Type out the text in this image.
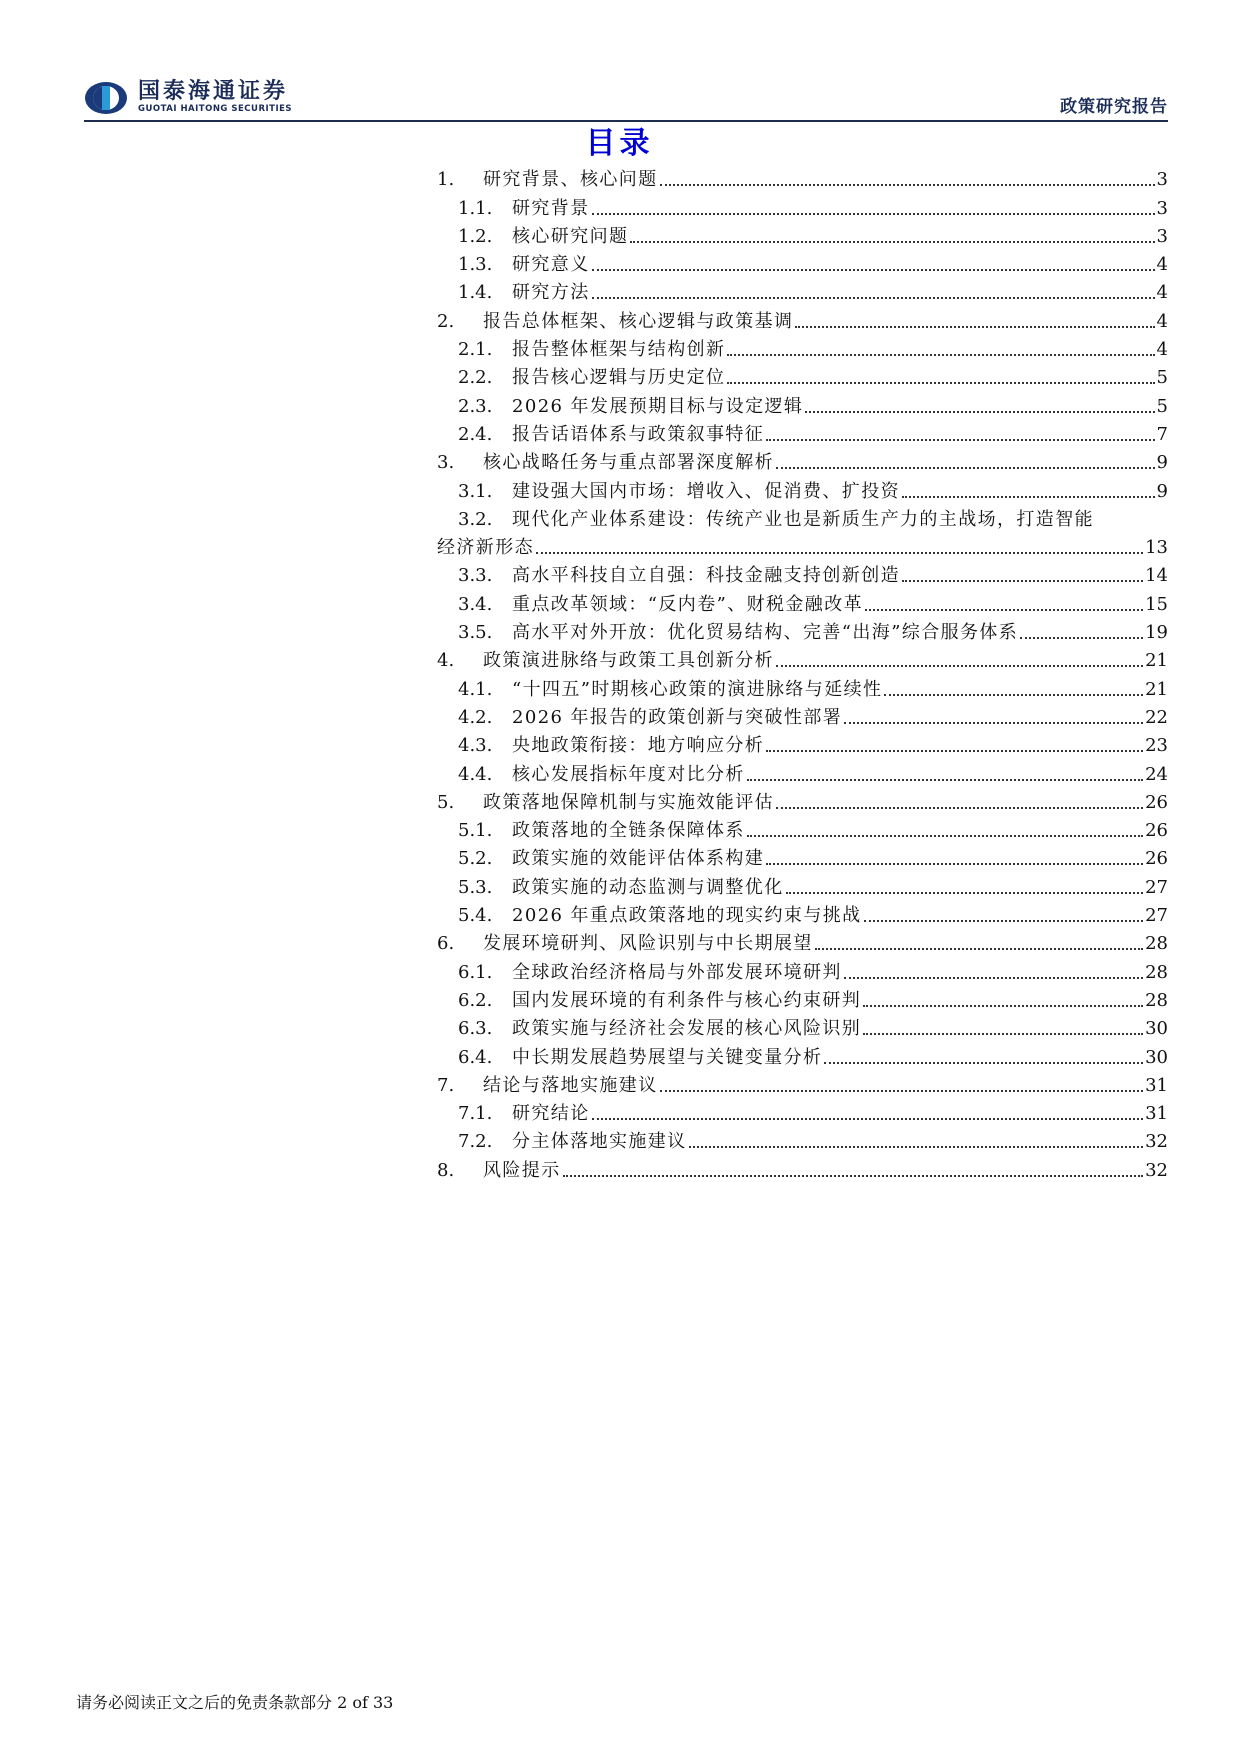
国泰海通证券
GUOTAI HAITONG SECURITIES	政策研究报告
目录
1.	研究背景、核心问题	3
1.1.	研究背景	3
1.2.	核心研究问题	3
1.3.	研究意义	4
1.4.	研究方法	4
2.	报告总体框架、核心逻辑与政策基调	4
2.1.	报告整体框架与结构创新	4
2.2.	报告核心逻辑与历史定位	5
2.3.	2026 年发展预期目标与设定逻辑	5
2.4.	报告话语体系与政策叙事特征	7
3.	核心战略任务与重点部署深度解析	9
3.1.	建设强大国内市场：增收入、促消费、扩投资	9
3.2.	现代化产业体系建设：传统产业也是新质生产力的主战场，打造智能
经济新形态	13
3.3.	高水平科技自立自强：科技金融支持创新创造	14
3.4.	重点改革领域：“反内卷”、财税金融改革	15
3.5.	高水平对外开放：优化贸易结构、完善“出海”综合服务体系	19
4.	政策演进脉络与政策工具创新分析	21
4.1.	“十四五”时期核心政策的演进脉络与延续性	21
4.2.	2026 年报告的政策创新与突破性部署	22
4.3.	央地政策衔接：地方响应分析	23
4.4.	核心发展指标年度对比分析	24
5.	政策落地保障机制与实施效能评估	26
5.1.	政策落地的全链条保障体系	26
5.2.	政策实施的效能评估体系构建	26
5.3.	政策实施的动态监测与调整优化	27
5.4.	2026 年重点政策落地的现实约束与挑战	27
6.	发展环境研判、风险识别与中长期展望	28
6.1.	全球政治经济格局与外部发展环境研判	28
6.2.	国内发展环境的有利条件与核心约束研判	28
6.3.	政策实施与经济社会发展的核心风险识别	30
6.4.	中长期发展趋势展望与关键变量分析	30
7.	结论与落地实施建议	31
7.1.	研究结论	31
7.2.	分主体落地实施建议	32
8.	风险提示	32
请务必阅读正文之后的免责条款部分 2 of 33
